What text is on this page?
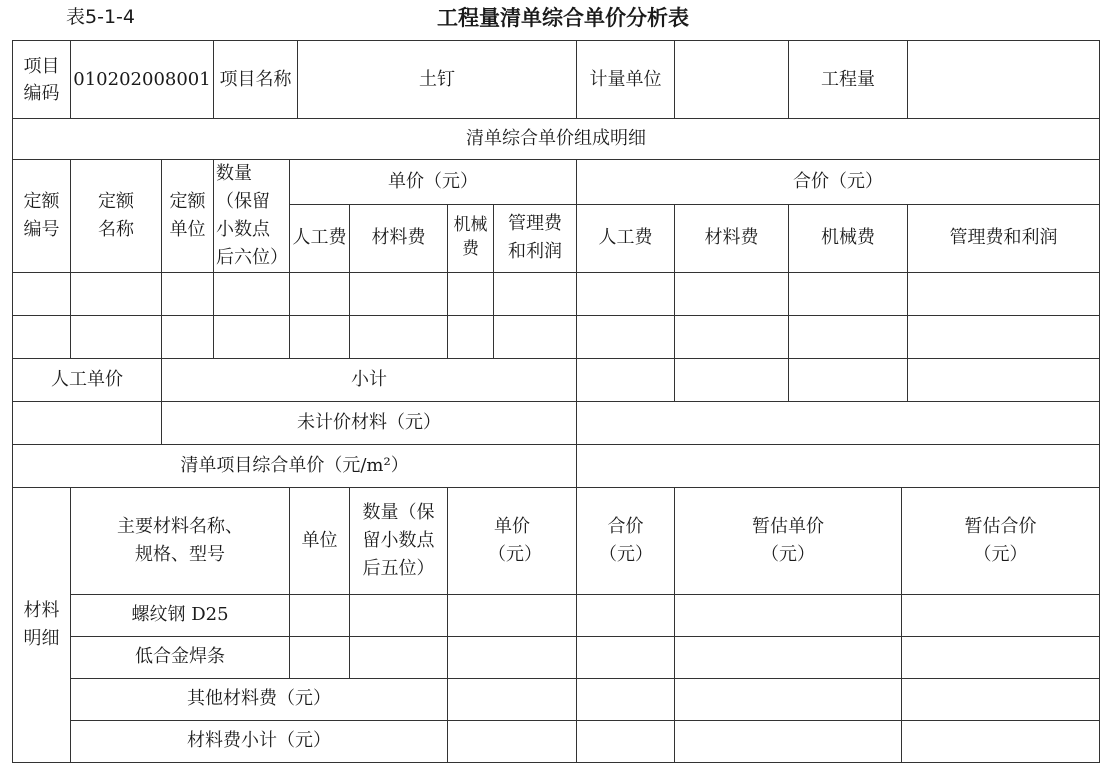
表5-1-4	工程量清单综合单价分析表
项目编码	010202008001		项目名称		土钉				计量单位		工程量		
清单综合单价组成明细													
定额编号	定额名称	定额单位	数量（保留小数点后六位）	单价（元）					合价（元）				
				人工费		材料费	机械费	管理费和利润	人工费	材料费	机械费		管理费和利润

人工单价		小计											
		未计价材料（元）											
清单项目综合单价（元/m²）													
材料明细	主要材料名称、规格、型号			单位		数量（保留小数点后五位）	单价（元）		合价（元）	暂估单价（元）		暂估合价（元）	
	螺纹钢 D25												
	低合金焊条												
	其他材料费（元）												
	材料费小计（元）												
